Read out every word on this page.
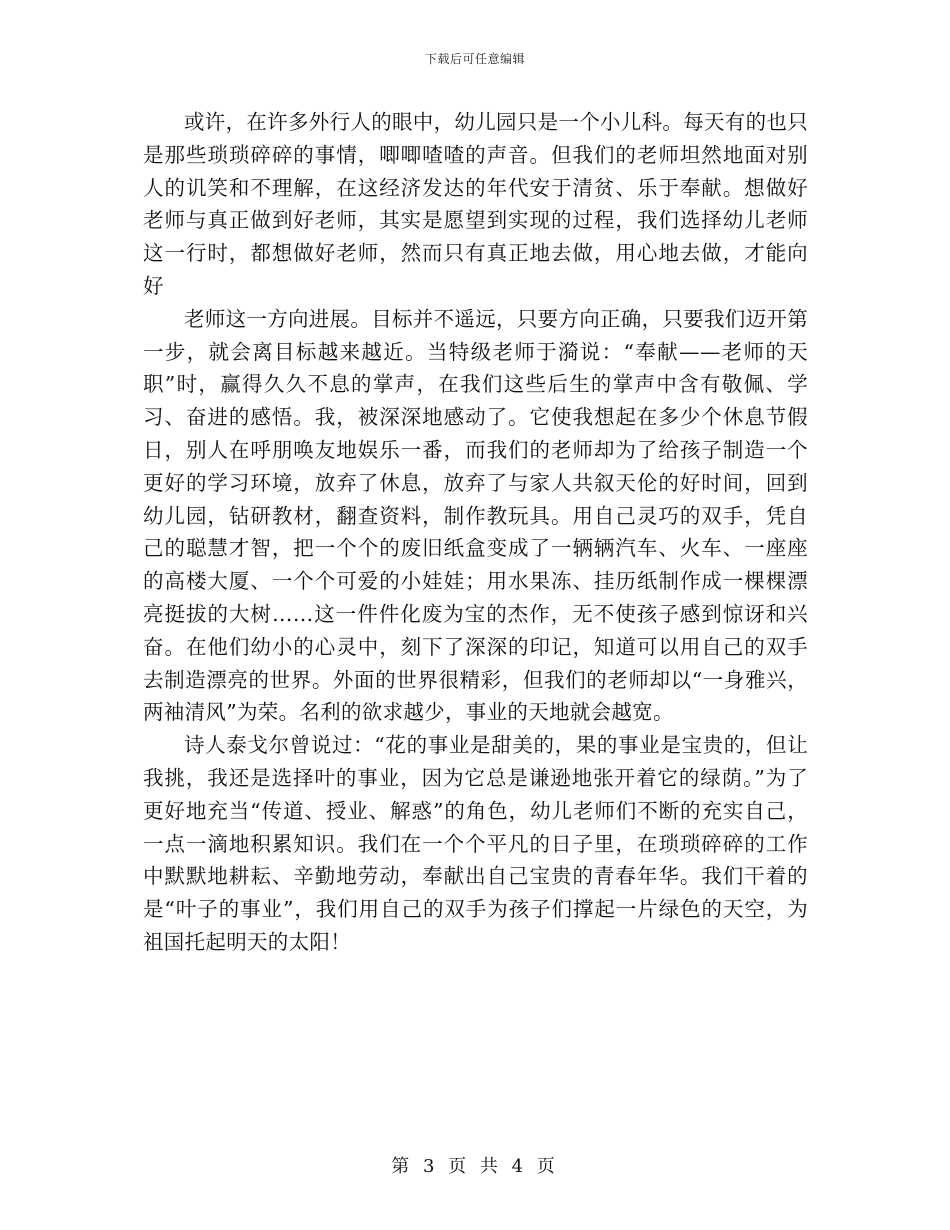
下载后可任意编辑

或许，在许多外行人的眼中，幼儿园只是一个小儿科。每天有的也只是那些琐琐碎碎的事情，唧唧喳喳的声音。但我们的老师坦然地面对别人的讥笑和不理解，在这经济发达的年代安于清贫、乐于奉献。想做好老师与真正做到好老师，其实是愿望到实现的过程，我们选择幼儿老师这一行时，都想做好老师，然而只有真正地去做，用心地去做，才能向好

老师这一方向进展。目标并不遥远，只要方向正确，只要我们迈开第一步，就会离目标越来越近。当特级老师于漪说：“奉献——老师的天职”时，赢得久久不息的掌声，在我们这些后生的掌声中含有敬佩、学习、奋进的感悟。我，被深深地感动了。它使我想起在多少个休息节假日，别人在呼朋唤友地娱乐一番，而我们的老师却为了给孩子制造一个更好的学习环境，放弃了休息，放弃了与家人共叙天伦的好时间，回到幼儿园，钻研教材，翻查资料，制作教玩具。用自己灵巧的双手，凭自己的聪慧才智，把一个个的废旧纸盒变成了一辆辆汽车、火车、一座座的高楼大厦、一个个可爱的小娃娃；用水果冻、挂历纸制作成一棵棵漂亮挺拔的大树……这一件件化废为宝的杰作，无不使孩子感到惊讶和兴奋。在他们幼小的心灵中，刻下了深深的印记，知道可以用自己的双手去制造漂亮的世界。外面的世界很精彩，但我们的老师却以“一身雅兴，两袖清风”为荣。名利的欲求越少，事业的天地就会越宽。

诗人泰戈尔曾说过：“花的事业是甜美的，果的事业是宝贵的，但让我挑，我还是选择叶的事业，因为它总是谦逊地张开着它的绿荫。”为了更好地充当“传道、授业、解惑”的角色，幼儿老师们不断的充实自己，一点一滴地积累知识。我们在一个个平凡的日子里，在琐琐碎碎的工作中默默地耕耘、辛勤地劳动，奉献出自己宝贵的青春年华。我们干着的是“叶子的事业”，我们用自己的双手为孩子们撑起一片绿色的天空，为祖国托起明天的太阳！

第 3 页 共 4 页
